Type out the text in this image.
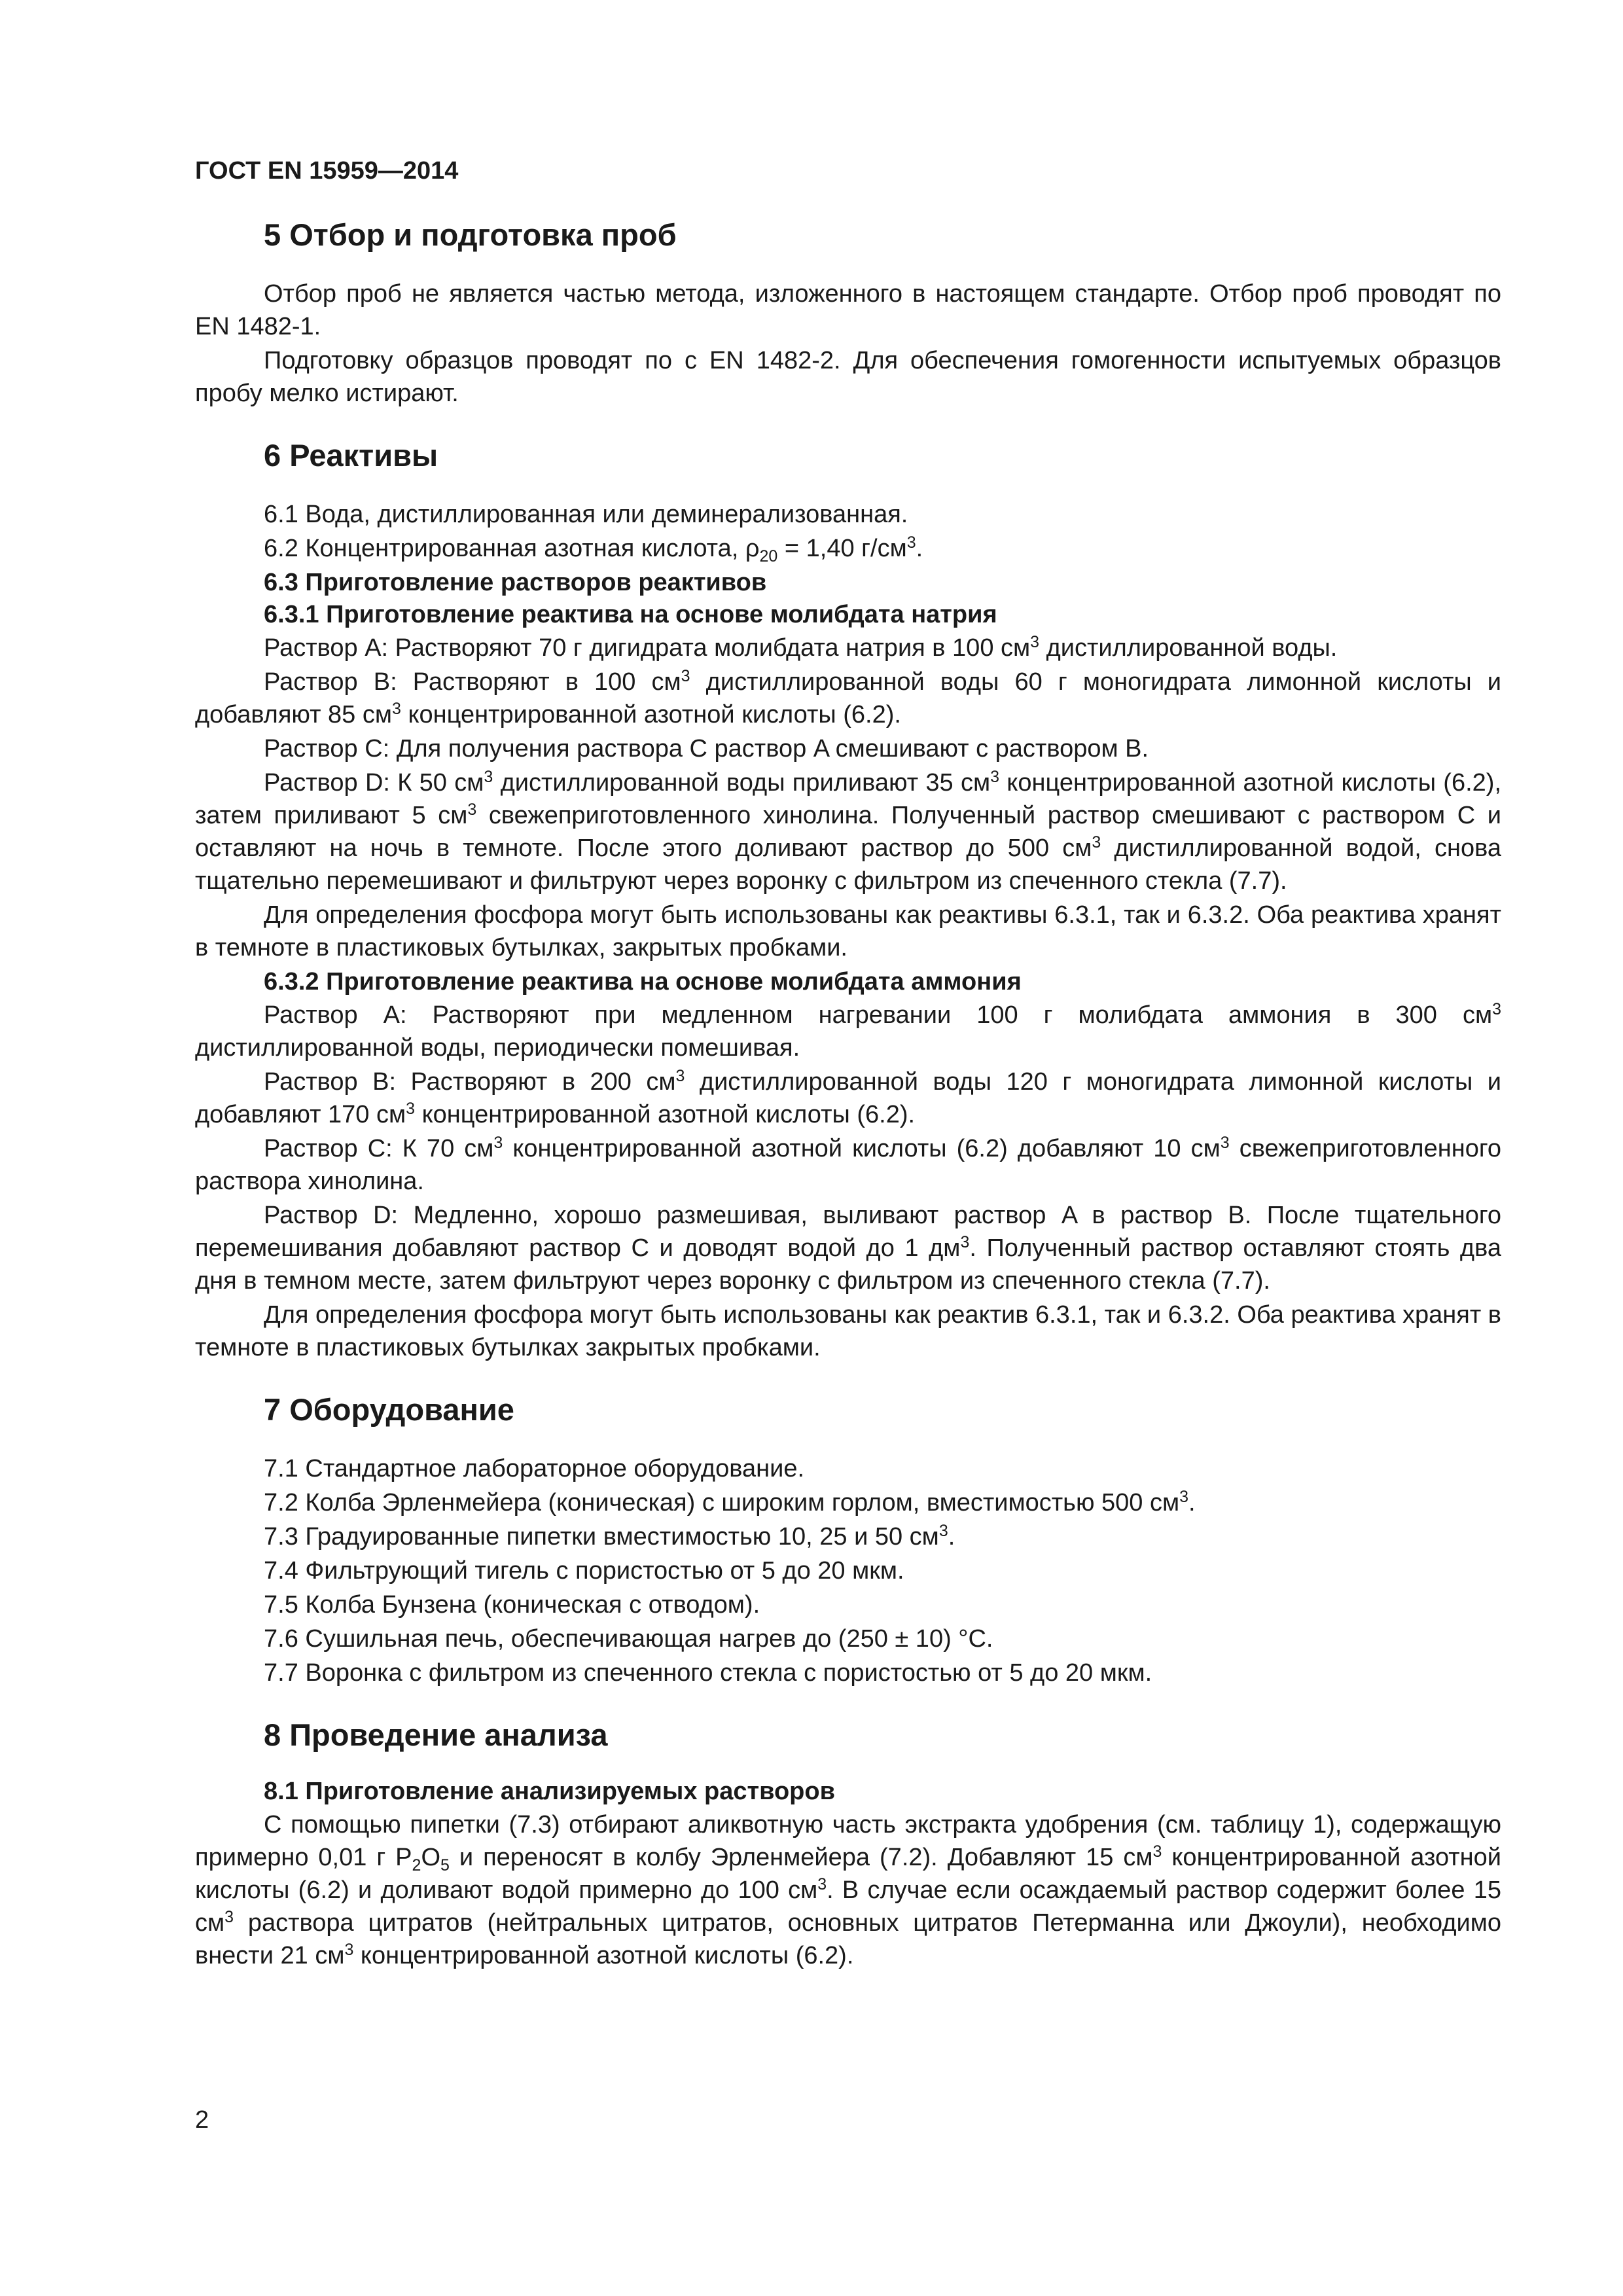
ГОСТ EN 15959—2014
5 Отбор и подготовка проб

Отбор проб не является частью метода, изложенного в настоящем стандарте. Отбор проб проводят по EN 1482-1.

Подготовку образцов проводят по с EN 1482-2. Для обеспечения гомогенности испытуемых образцов пробу мелко истирают.

6 Реактивы

6.1 Вода, дистиллированная или деминерализованная.

6.2 Концентрированная азотная кислота, $\rho_{20} = 1,40$ $г/см^3$.

6.3 Приготовление растворов реактивов
6.3.1 Приготовление реактива на основе молибдата натрия

Раствор A: Растворяют 70 г дигидрата молибдата натрия в 100 $см^3$ дистиллированной воды.

Раствор B: Растворяют в 100 $см^3$ дистиллированной воды 60 г моногидрата лимонной кислоты и добавляют 85 $см^3$ концентрированной азотной кислоты (6.2).

Раствор C: Для получения раствора C раствор A смешивают с раствором B.

Раствор D: К 50 $см^3$ дистиллированной воды приливают 35 $см^3$ концентрированной азотной кислоты (6.2), затем приливают 5 $см^3$ свежеприготовленного хинолина. Полученный раствор смешивают с раствором C и оставляют на ночь в темноте. После этого доливают раствор до 500 $см^3$ дистиллированной водой, снова тщательно перемешивают и фильтруют через воронку с фильтром из спеченного стекла (7.7).

Для определения фосфора могут быть использованы как реактивы 6.3.1, так и 6.3.2. Оба реактива хранят в темноте в пластиковых бутылках, закрытых пробками.

6.3.2 Приготовление реактива на основе молибдата аммония

Раствор A: Растворяют при медленном нагревании 100 г молибдата аммония в 300 $см^3$ дистиллированной воды, периодически помешивая.

Раствор B: Растворяют в 200 $см^3$ дистиллированной воды 120 г моногидрата лимонной кислоты и добавляют 170 $см^3$ концентрированной азотной кислоты (6.2).

Раствор C: К 70 $см^3$ концентрированной азотной кислоты (6.2) добавляют 10 $см^3$ свежеприготовленного раствора хинолина.

Раствор D: Медленно, хорошо размешивая, выливают раствор A в раствор B. После тщательного перемешивания добавляют раствор C и доводят водой до 1 $дм^3$. Полученный раствор оставляют стоять два дня в темном месте, затем фильтруют через воронку с фильтром из спеченного стекла (7.7).

Для определения фосфора могут быть использованы как реактив 6.3.1, так и 6.3.2. Оба реактива хранят в темноте в пластиковых бутылках закрытых пробками.

7 Оборудование

7.1 Стандартное лабораторное оборудование.

7.2 Колба Эрленмейера (коническая) с широким горлом, вместимостью 500 $см^3$.

7.3 Градуированные пипетки вместимостью 10, 25 и 50 $см^3$.

7.4 Фильтрующий тигель с пористостью от 5 до 20 мкм.

7.5 Колба Бунзена (коническая с отводом).

7.6 Сушильная печь, обеспечивающая нагрев до (250 ± 10) °С.

7.7 Воронка с фильтром из спеченного стекла с пористостью от 5 до 20 мкм.

8 Проведение анализа
8.1 Приготовление анализируемых растворов

С помощью пипетки (7.3) отбирают аликвотную часть экстракта удобрения (см. таблицу 1), содержащую примерно 0,01 г $P_2O_5$ и переносят в колбу Эрленмейера (7.2). Добавляют 15 $см^3$ концентрированной азотной кислоты (6.2) и доливают водой примерно до 100 $см^3$. В случае если осаждаемый раствор содержит более 15 $см^3$ раствора цитратов (нейтральных цитратов, основных цитратов Петерманна или Джоули), необходимо внести 21 $см^3$ концентрированной азотной кислоты (6.2).

2
